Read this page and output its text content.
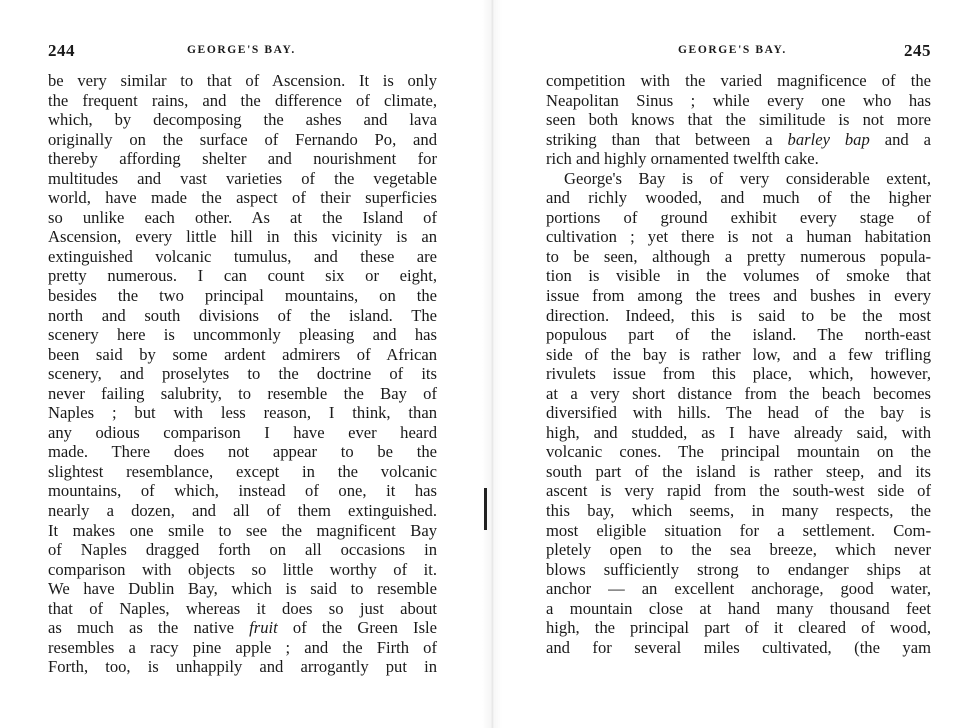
244	GEORGE'S BAY.
be very similar to that of Ascension. It is only
the frequent rains, and the difference of climate,
which, by decomposing the ashes and lava
originally on the surface of Fernando Po, and
thereby affording shelter and nourishment for
multitudes and vast varieties of the vegetable
world, have made the aspect of their superficies
so unlike each other. As at the Island of
Ascension, every little hill in this vicinity is an
extinguished volcanic tumulus, and these are
pretty numerous. I can count six or eight,
besides the two principal mountains, on the
north and south divisions of the island. The
scenery here is uncommonly pleasing and has
been said by some ardent admirers of African
scenery, and proselytes to the doctrine of its
never failing salubrity, to resemble the Bay of
Naples ; but with less reason, I think, than
any odious comparison I have ever heard
made. There does not appear to be the
slightest resemblance, except in the volcanic
mountains, of which, instead of one, it has
nearly a dozen, and all of them extinguished.
It makes one smile to see the magnificent Bay
of Naples dragged forth on all occasions in
comparison with objects so little worthy of it.
We have Dublin Bay, which is said to resemble
that of Naples, whereas it does so just about
as much as the native fruit of the Green Isle
resembles a racy pine apple ; and the Firth of
Forth, too, is unhappily and arrogantly put in
GEORGE'S BAY.	245
competition with the varied magnificence of the
Neapolitan Sinus ; while every one who has
seen both knows that the similitude is not more
striking than that between a barley bap and a
rich and highly ornamented twelfth cake.
George's Bay is of very considerable extent,
and richly wooded, and much of the higher
portions of ground exhibit every stage of
cultivation ; yet there is not a human habitation
to be seen, although a pretty numerous popula-
tion is visible in the volumes of smoke that
issue from among the trees and bushes in every
direction. Indeed, this is said to be the most
populous part of the island. The north-east
side of the bay is rather low, and a few trifling
rivulets issue from this place, which, however,
at a very short distance from the beach becomes
diversified with hills. The head of the bay is
high, and studded, as I have already said, with
volcanic cones. The principal mountain on the
south part of the island is rather steep, and its
ascent is very rapid from the south-west side of
this bay, which seems, in many respects, the
most eligible situation for a settlement. Com-
pletely open to the sea breeze, which never
blows sufficiently strong to endanger ships at
anchor — an excellent anchorage, good water,
a mountain close at hand many thousand feet
high, the principal part of it cleared of wood,
and for several miles cultivated, (the yam
